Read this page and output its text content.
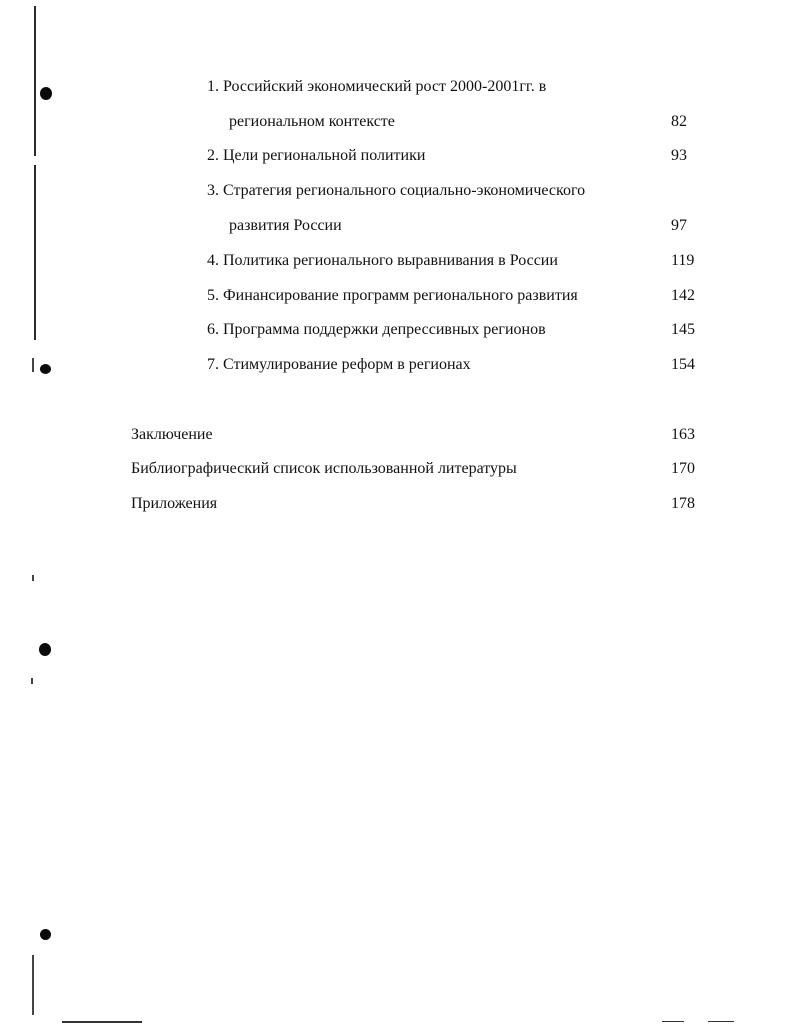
1. Российский экономический рост 2000-2001гг. в
региональном контексте	82
2. Цели региональной политики	93
3. Стратегия регионального социально-экономического
развития России	97
4. Политика регионального выравнивания в России	119
5. Финансирование программ регионального развития	142
6. Программа поддержки депрессивных регионов	145
7. Стимулирование реформ в регионах	154
Заключение	163
Библиографический список использованной литературы	170
Приложения	178
